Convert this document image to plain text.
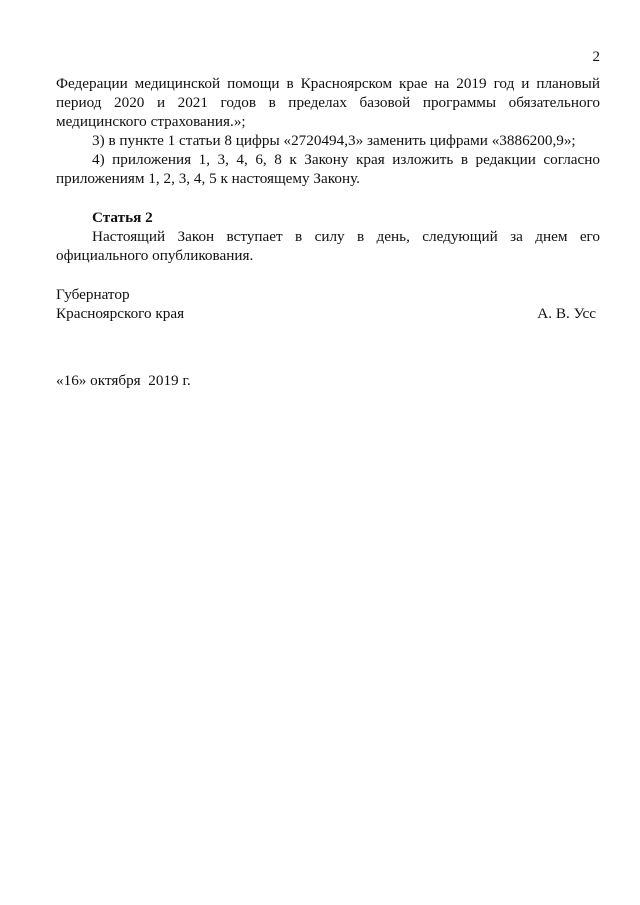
2

Федерации медицинской помощи в Красноярском крае на 2019 год и плановый период 2020 и 2021 годов в пределах базовой программы обязательного медицинского страхования.»;

3) в пункте 1 статьи 8 цифры «2720494,3» заменить цифрами «3886200,9»;

4) приложения 1, 3, 4, 6, 8 к Закону края изложить в редакции согласно приложениям 1, 2, 3, 4, 5 к настоящему Закону.

Статья 2

Настоящий Закон вступает в силу в день, следующий за днем его официального опубликования.

Губернатор
Красноярского края	А. В. Усс
«16» октября  2019 г.
